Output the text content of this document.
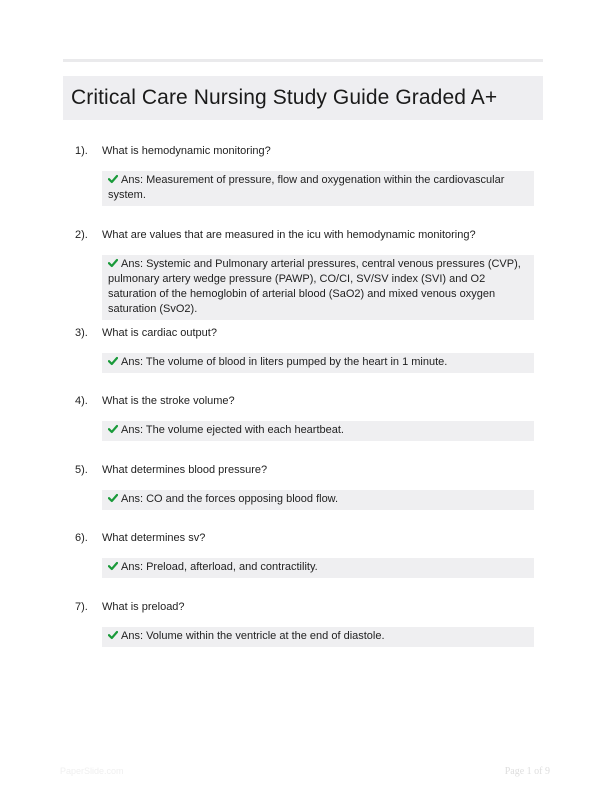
Critical Care Nursing Study Guide Graded A+
1). What is hemodynamic monitoring?
Ans: Measurement of pressure, flow and oxygenation within the cardiovascular system.
2). What are values that are measured in the icu with hemodynamic monitoring?
Ans: Systemic and Pulmonary arterial pressures, central venous pressures (CVP), pulmonary artery wedge pressure (PAWP), CO/CI, SV/SV index (SVI) and O2 saturation of the hemoglobin of arterial blood (SaO2) and mixed venous oxygen saturation (SvO2).
3). What is cardiac output?
Ans: The volume of blood in liters pumped by the heart in 1 minute.
4). What is the stroke volume?
Ans: The volume ejected with each heartbeat.
5). What determines blood pressure?
Ans: CO and the forces opposing blood flow.
6). What determines sv?
Ans: Preload, afterload, and contractility.
7). What is preload?
Ans: Volume within the ventricle at the end of diastole.
PaperSlide.com	Page 1 of 9
